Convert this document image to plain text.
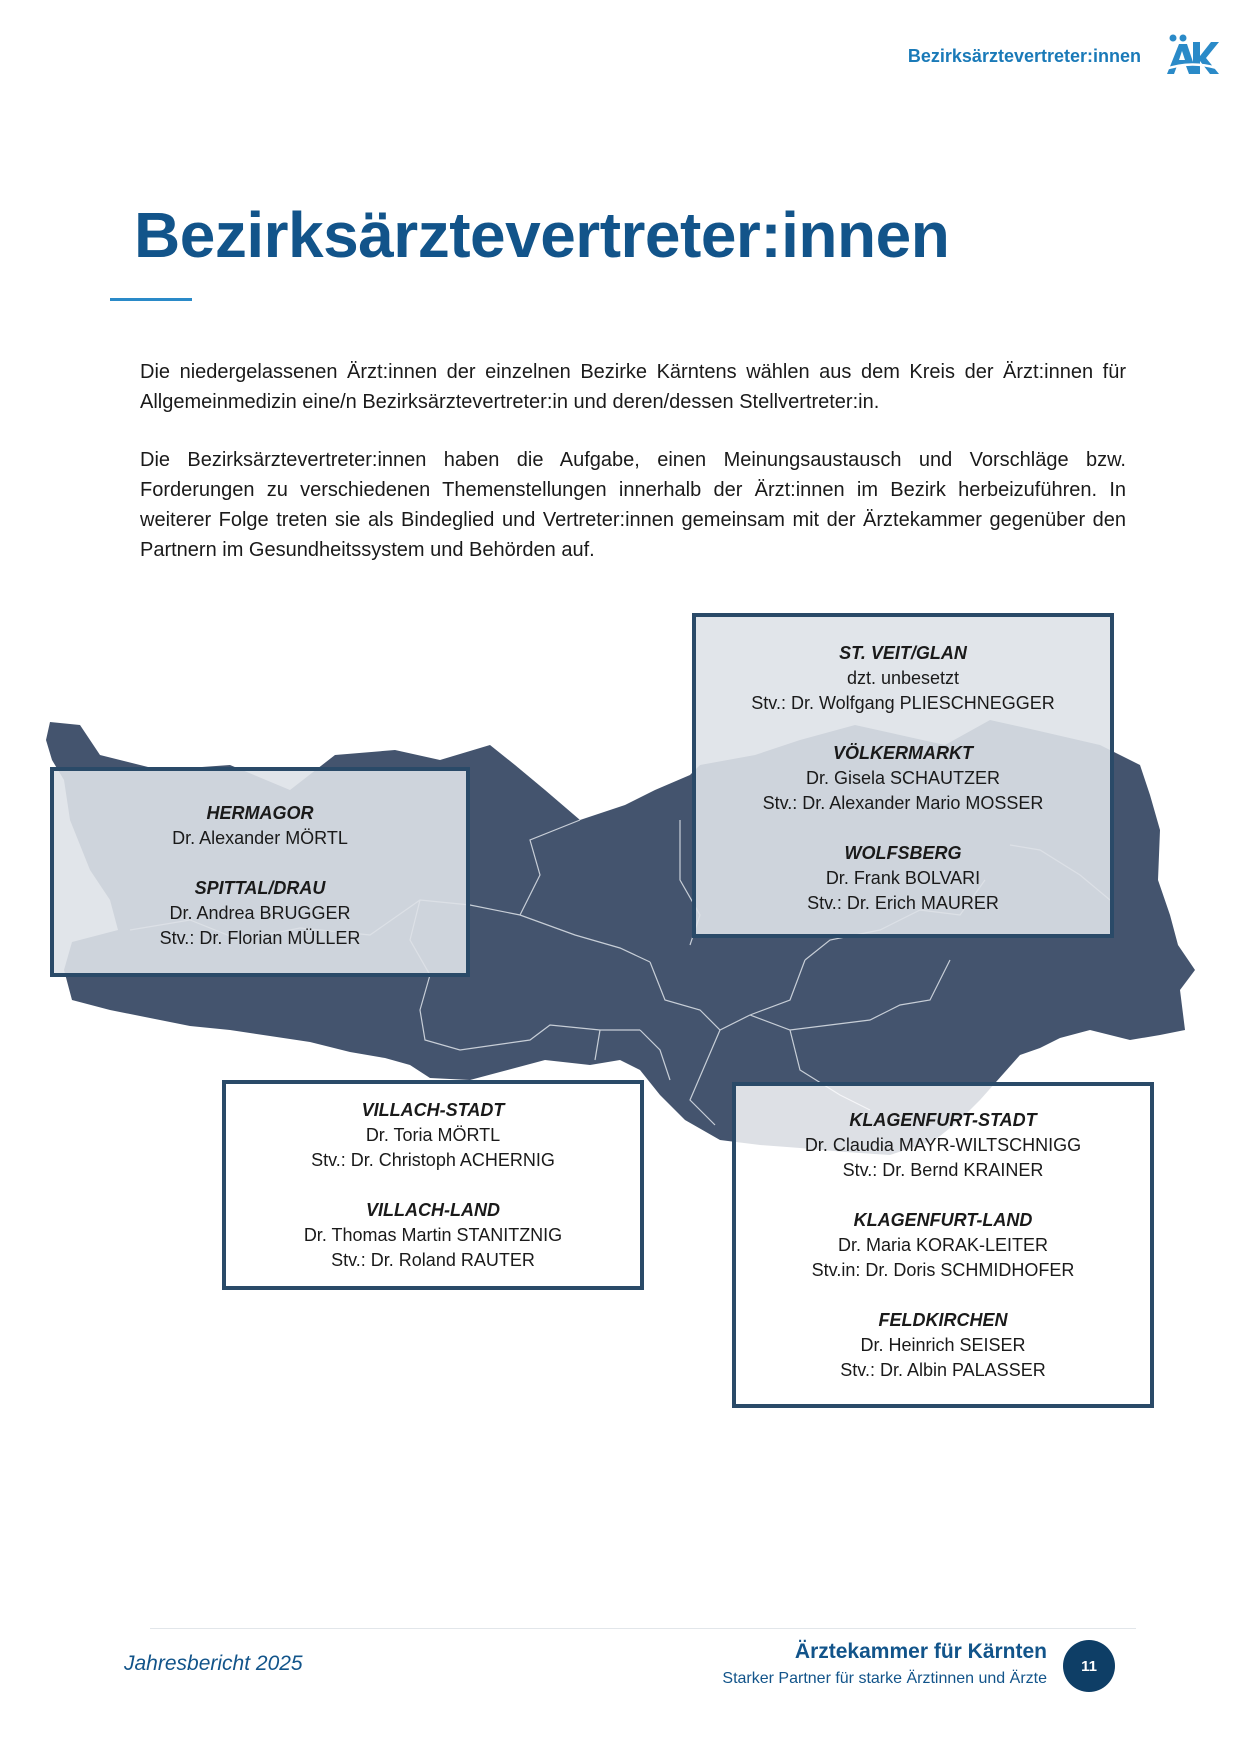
Bezirksärztevertreter:innen
ÄK
Bezirksärztevertreter:innen

Die niedergelassenen Ärzt:innen der einzelnen Bezirke Kärntens wählen aus dem Kreis der Ärzt:innen für Allgemeinmedizin eine/n Bezirksärztevertreter:in und deren/dessen Stellvertreter:in.

Die Bezirksärztevertreter:innen haben die Aufgabe, einen Meinungsaustausch und Vorschläge bzw. Forderungen zu verschiedenen Themenstellungen innerhalb der Ärzt:innen im Bezirk herbeizuführen. In weiterer Folge treten sie als Bindeglied und Vertreter:innen gemeinsam mit der Ärztekammer gegenüber den Partnern im Gesundheitssystem und Behörden auf.

HERMAGOR
Dr. Alexander MÖRTL
SPITTAL/DRAU
Dr. Andrea BRUGGER
Stv.: Dr. Florian MÜLLER
ST. VEIT/GLAN
dzt. unbesetzt
Stv.: Dr. Wolfgang PLIESCHNEGGER
VÖLKERMARKT
Dr. Gisela SCHAUTZER
Stv.: Dr. Alexander Mario MOSSER
WOLFSBERG
Dr. Frank BOLVARI
Stv.: Dr. Erich MAURER
VILLACH-STADT
Dr. Toria MÖRTL
Stv.: Dr. Christoph ACHERNIG
VILLACH-LAND
Dr. Thomas Martin STANITZNIG
Stv.: Dr. Roland RAUTER
KLAGENFURT-STADT
Dr. Claudia MAYR-WILTSCHNIGG
Stv.: Dr. Bernd KRAINER
KLAGENFURT-LAND
Dr. Maria KORAK-LEITER
Stv.in: Dr. Doris SCHMIDHOFER
FELDKIRCHEN
Dr. Heinrich SEISER
Stv.: Dr. Albin PALASSER
Jahresbericht 2025
Ärztekammer für Kärnten
Starker Partner für starke Ärztinnen und Ärzte
11
